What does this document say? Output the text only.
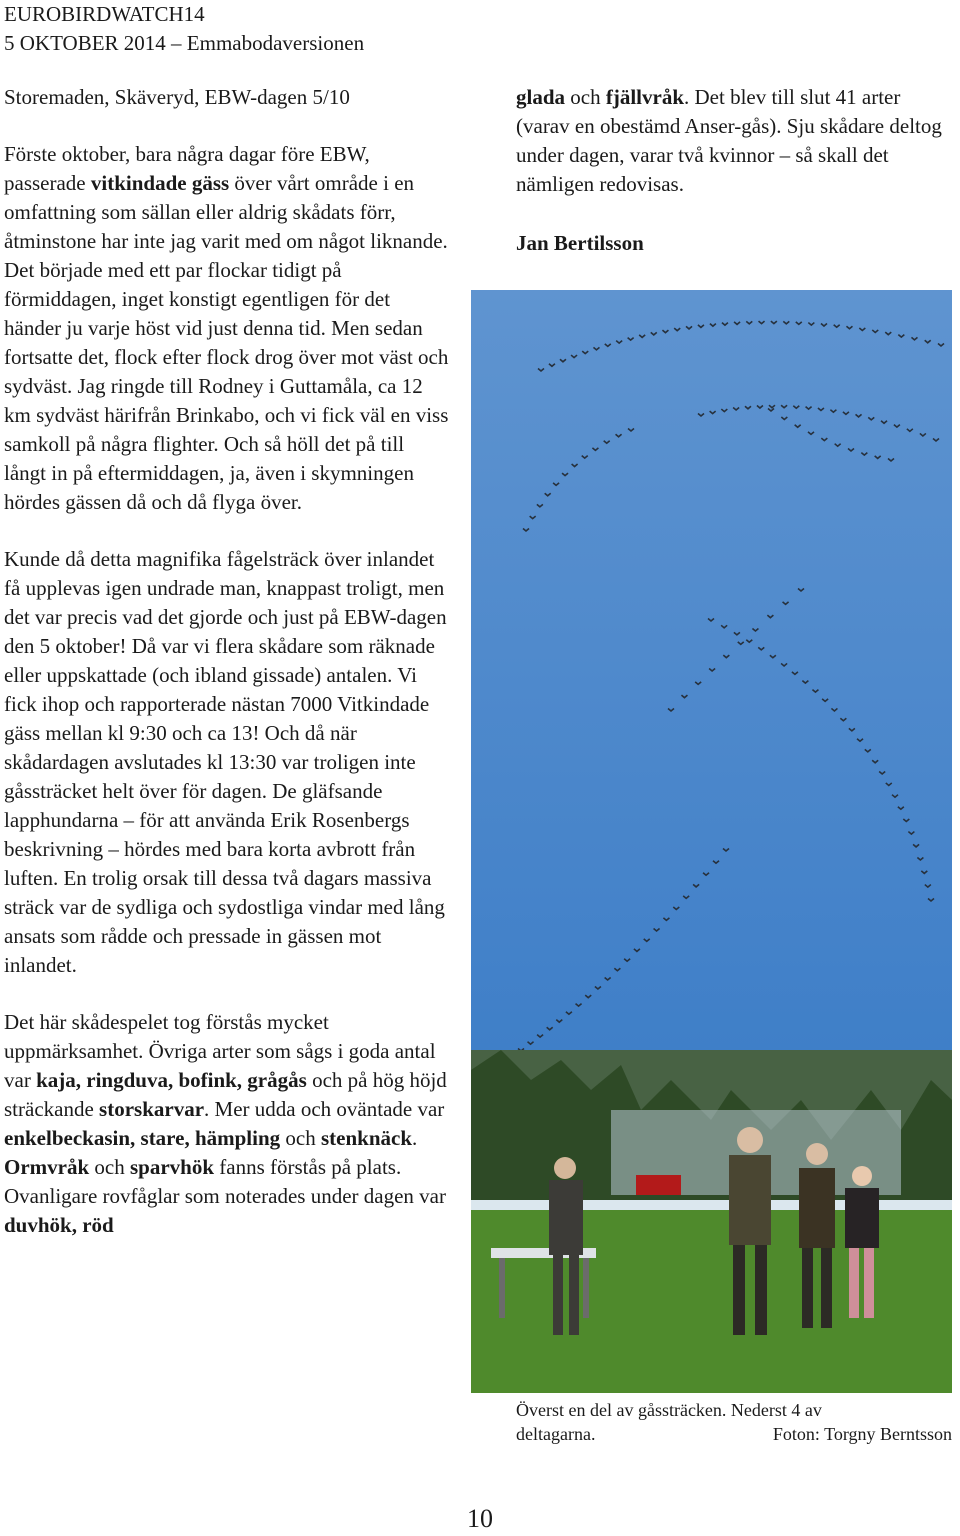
EUROBIRDWATCH14
5 OKTOBER 2014 – Emmabodaversionen

Storemaden, Skäveryd, EBW-dagen 5/10

Förste oktober, bara några dagar före EBW, passerade vitkindade gäss över vårt område i en omfattning som sällan eller aldrig skådats förr, åtminstone har inte jag varit med om något liknande. Det började med ett par flockar tidigt på förmiddagen, inget konstigt egentligen för det händer ju varje höst vid just denna tid. Men sedan fortsatte det, flock efter flock drog över mot väst och sydväst. Jag ringde till Rodney i Guttamåla, ca 12 km sydväst härifrån Brinkabo, och vi fick väl en viss samkoll på några flighter. Och så höll det på till långt in på eftermiddagen, ja, även i skymningen hördes gässen då och då flyga över.

Kunde då detta magnifika fågelsträck över inlandet få upplevas igen undrade man, knappast troligt, men det var precis vad det gjorde och just på EBW-dagen den 5 oktober! Då var vi flera skådare som räknade eller uppskattade (och ibland gissade) antalen. Vi fick ihop och rapporterade nästan 7000 Vitkindade gäss mellan kl 9:30 och ca 13! Och då när skådardagen avslutades kl 13:30 var troligen inte gåssträcket helt över för dagen. De gläfsande lapphundarna – för att använda Erik Rosenbergs beskrivning – hördes med bara korta avbrott från luften. En trolig orsak till dessa två dagars massiva sträck var de sydliga och sydostliga vindar med lång ansats som rådde och pressade in gässen mot inlandet.

Det här skådespelet tog förstås mycket uppmärksamhet. Övriga arter som sågs i goda antal var kaja, ringduva, bofink, grågås och på hög höjd sträckande storskarvar. Mer udda och oväntade var enkelbeckasin, stare, hämpling och stenknäck. Ormvråk och sparvhök fanns förstås på plats. Ovanligare rovfåglar som noterades under dagen var duvhök, röd

glada och fjällvråk. Det blev till slut 41 arter (varav en obestämd Anser-gås). Sju skådare deltog under dagen, varar två kvinnor – så skall det nämligen redovisas.

Jan Bertilsson
Överst en del av gåssträcken. Nederst 4 av
deltagarna.	Foton: Torgny Berntsson
10
